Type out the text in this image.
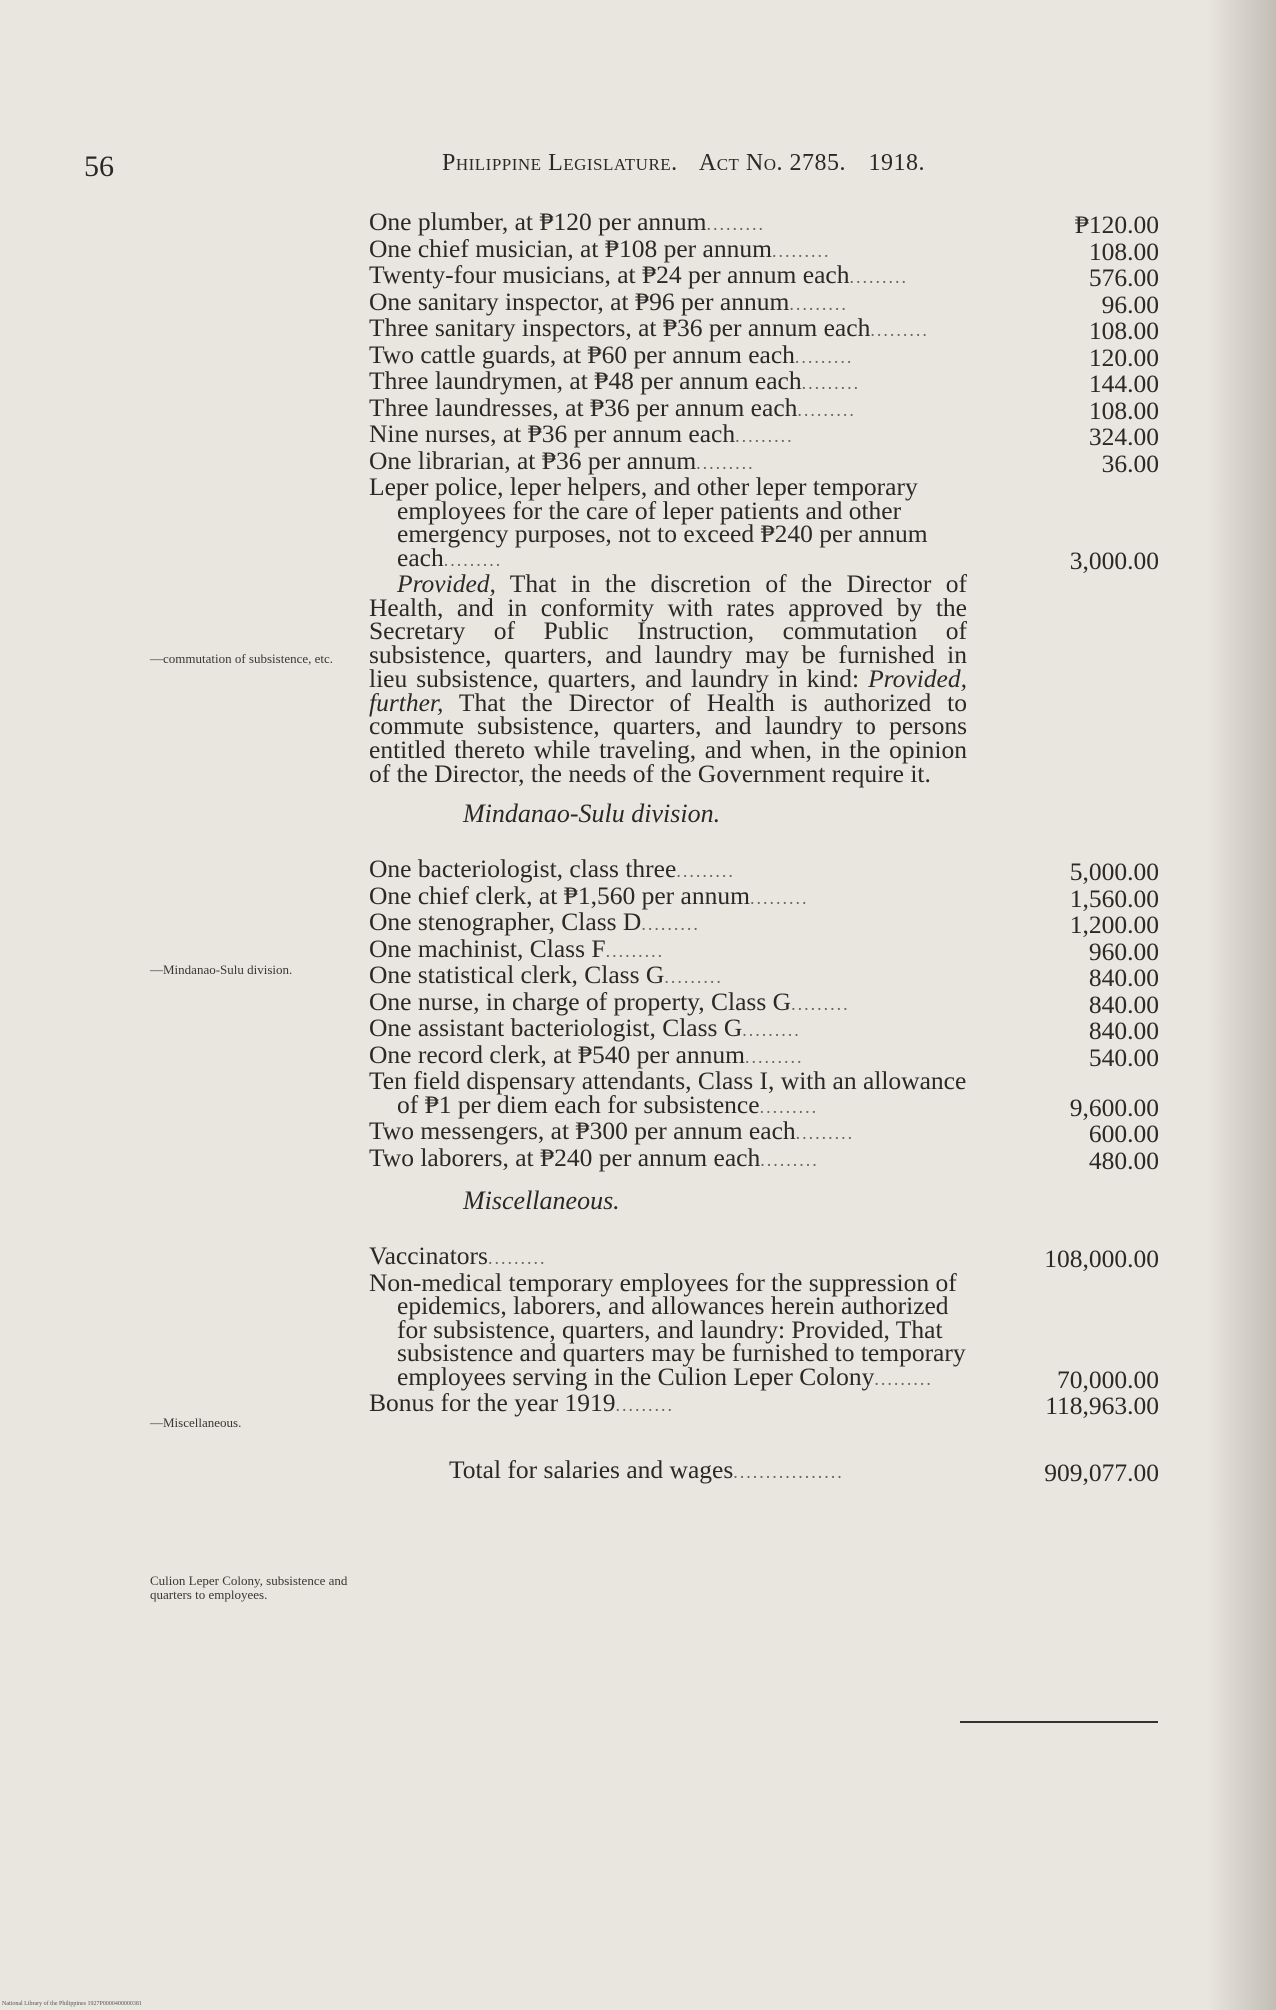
56	Philippine Legislature. Act No. 2785. 1918.
—commutation of subsistence, etc.
—Mindanao-Sulu division.
—Miscellaneous.
Culion Leper Colony, subsistence and quarters to employees.
One plumber, at ₱120 per annum.........	₱120.00
One chief musician, at ₱108 per annum.........	108.00
Twenty-four musicians, at ₱24 per annum each.........	576.00
One sanitary inspector, at ₱96 per annum.........	96.00
Three sanitary inspectors, at ₱36 per annum each.........	108.00
Two cattle guards, at ₱60 per annum each.........	120.00
Three laundrymen, at ₱48 per annum each.........	144.00
Three laundresses, at ₱36 per annum each.........	108.00
Nine nurses, at ₱36 per annum each.........	324.00
One librarian, at ₱36 per annum.........	36.00
Leper police, leper helpers, and other leper temporary employees for the care of leper patients and other emergency purposes, not to exceed ₱240 per annum each.........	3,000.00
Provided, That in the discretion of the Director of Health, and in conformity with rates approved by the Secretary of Public Instruction, commutation of subsistence, quarters, and laundry may be furnished in lieu subsistence, quarters, and laundry in kind: Provided, further, That the Director of Health is authorized to commute subsistence, quarters, and laundry to persons entitled thereto while traveling, and when, in the opinion of the Director, the needs of the Government require it.
Mindanao-Sulu division.
One bacteriologist, class three.........	5,000.00
One chief clerk, at ₱1,560 per annum.........	1,560.00
One stenographer, Class D.........	1,200.00
One machinist, Class F.........	960.00
One statistical clerk, Class G.........	840.00
One nurse, in charge of property, Class G.........	840.00
One assistant bacteriologist, Class G.........	840.00
One record clerk, at ₱540 per annum.........	540.00
Ten field dispensary attendants, Class I, with an allowance of ₱1 per diem each for subsistence.........	9,600.00
Two messengers, at ₱300 per annum each.........	600.00
Two laborers, at ₱240 per annum each.........	480.00
Miscellaneous.
Vaccinators.........	108,000.00
Non-medical temporary employees for the suppression of epidemics, laborers, and allowances herein authorized for subsistence, quarters, and laundry: Provided, That subsistence and quarters may be furnished to temporary employees serving in the Culion Leper Colony.........	70,000.00
Bonus for the year 1919.........	118,963.00
Total for salaries and wages.................	909,077.00
National Library of the Philippines 1927P0000400000381
